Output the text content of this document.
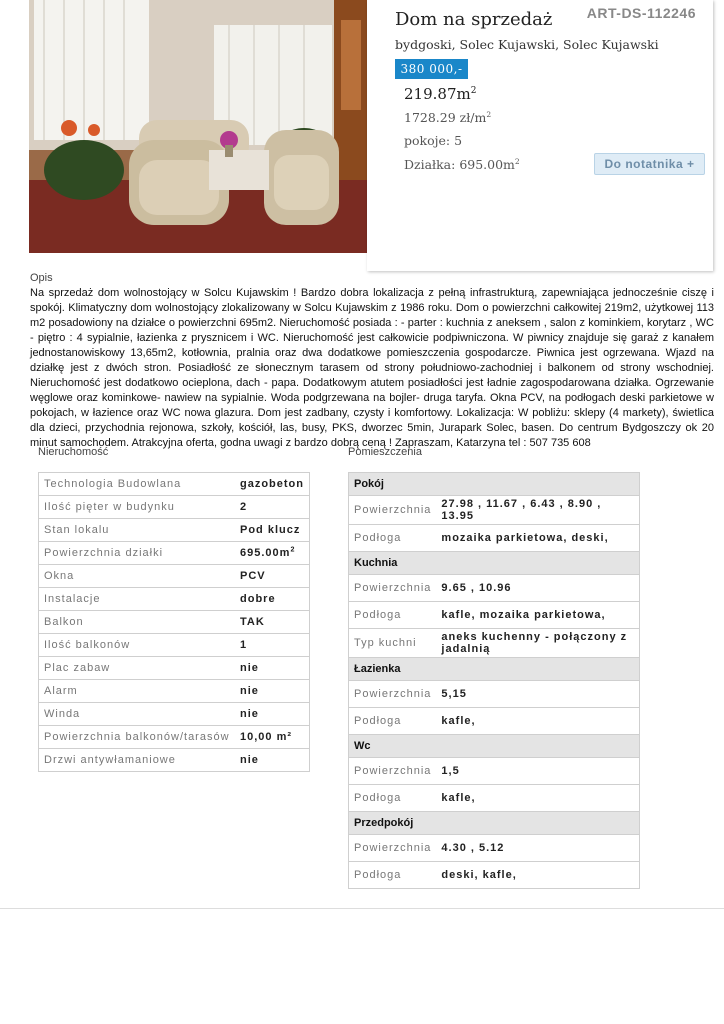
ART-DS-112246
Dom na sprzedaż
bydgoski, Solec Kujawski, Solec Kujawski
380 000,-
$219.87m^2$
1728.29 $zł/m^2$
pokoje: 5
Działka: $695.00m^2$	Do notatnika +
Opis

Na sprzedaż dom wolnostojący w Solcu Kujawskim ! Bardzo dobra lokalizacja z pełną infrastrukturą, zapewniająca jednocześnie ciszę i spokój. Klimatyczny dom wolnostojący zlokalizowany w Solcu Kujawskim z 1986 roku. Dom o powierzchni całkowitej 219m2, użytkowej 113 m2 posadowiony na działce o powierzchni 695m2. Nieruchomość posiada : - parter : kuchnia z aneksem , salon z kominkiem, korytarz , WC - piętro : 4 sypialnie, łazienka z prysznicem i WC. Nieruchomość jest całkowicie podpiwniczona. W piwnicy znajduje się garaż z kanałem jednostanowiskowy 13,65m2, kotłownia, pralnia oraz dwa dodatkowe pomieszczenia gospodarcze. Piwnica jest ogrzewana. Wjazd na działkę jest z dwóch stron. Posiadłość ze słonecznym tarasem od strony południowo-zachodniej i balkonem od strony wschodniej. Nieruchomość jest dodatkowo ocieplona, dach - papa. Dodatkowym atutem posiadłości jest ładnie zagospodarowana działka. Ogrzewanie węglowe oraz kominkowe- nawiew na sypialnie. Woda podgrzewana na bojler- druga taryfa. Okna PCV, na podłogach deski parkietowe w pokojach, w łazience oraz WC nowa glazura. Dom jest zadbany, czysty i komfortowy. Lokalizacja: W pobliżu: sklepy (4 markety), świetlica dla dzieci, przychodnia rejonowa, szkoły, kościół, las, busy, PKS, dworzec 5min, Jurapark Solec, basen. Do centrum Bydgoszczy ok 20 minut samochodem. Atrakcyjna oferta, godna uwagi z bardzo dobrą ceną ! Zapraszam, Katarzyna tel : 507 735 608

Nieruchomość
Technologia Budowlana	gazobeton
Ilość pięter w budynku	2
Stan lokalu	Pod klucz
Powierzchnia działki	$695.00m^2$
Okna	PCV
Instalacje	dobre
Balkon	TAK
Ilość balkonów	1
Plac zabaw	nie
Alarm	nie
Winda	nie
Powierzchnia balkonów/tarasów	10,00 m²
Drzwi antywłamaniowe	nie
Pomieszczenia
Pokój	
Powierzchnia	27.98 , 11.67 , 6.43 , 8.90 , 13.95
Podłoga	mozaika parkietowa, deski,
Kuchnia	
Powierzchnia	9.65 , 10.96
Podłoga	kafle, mozaika parkietowa,
Typ kuchni	aneks kuchenny - połączony z jadalnią
Łazienka	
Powierzchnia	5,15
Podłoga	kafle,
Wc	
Powierzchnia	1,5
Podłoga	kafle,
Przedpokój	
Powierzchnia	4.30 , 5.12
Podłoga	deski, kafle,
